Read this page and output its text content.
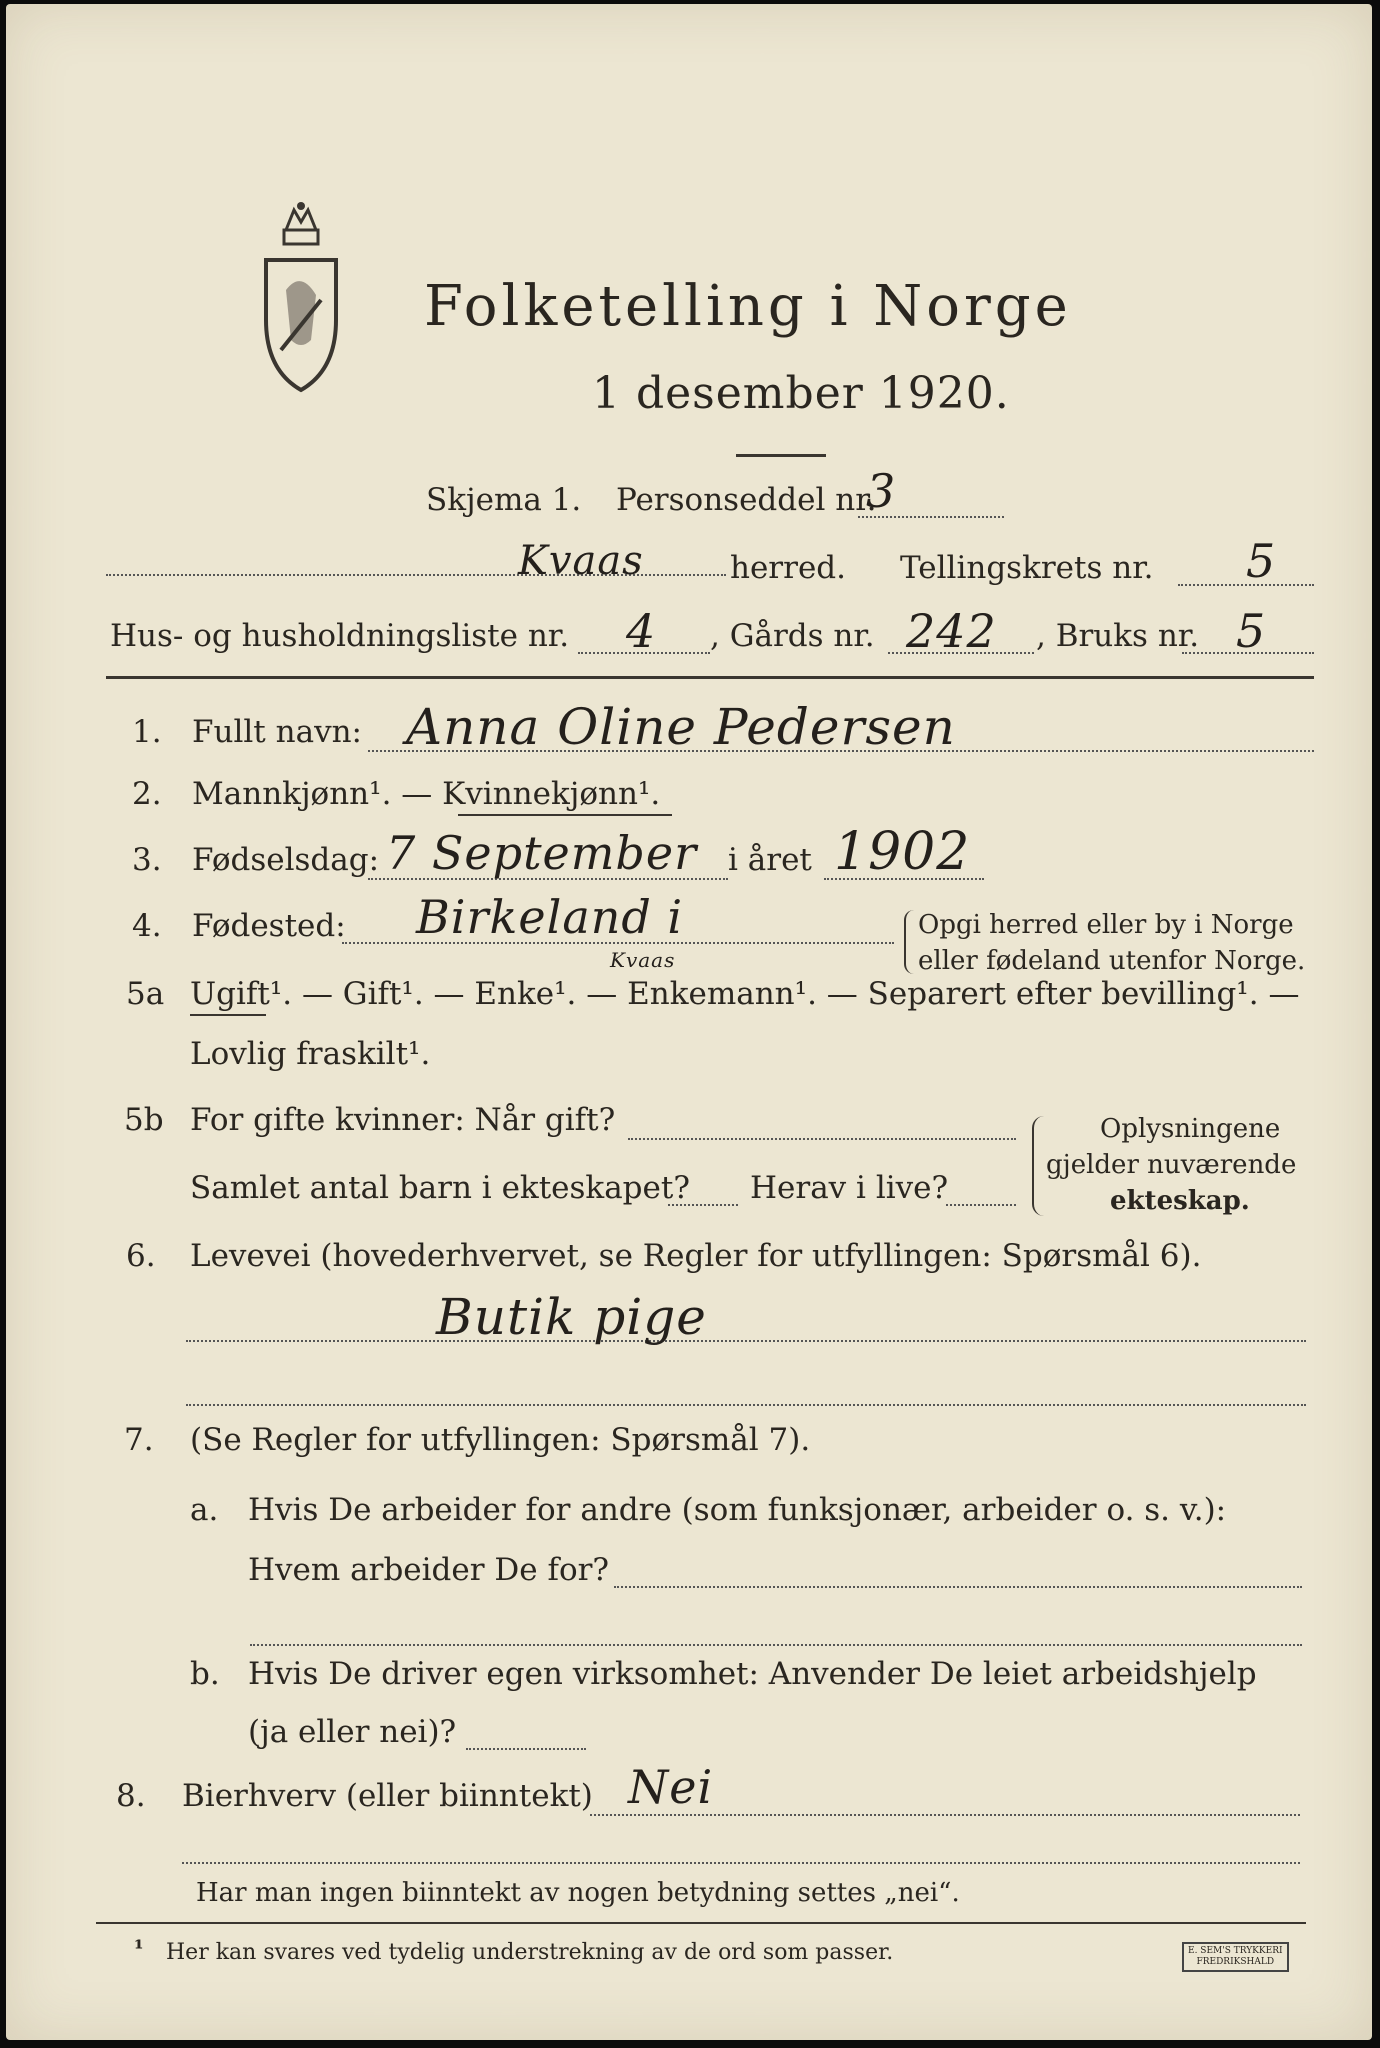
Folketelling i Norge
1 desember 1920.
Skjema 1. Personseddel nr.
3
Kvaas	herred. Tellingskrets nr. 5
Hus- og husholdningsliste nr. 4 , Gårds nr. 242 , Bruks nr. 5
1. Fullt navn: Anna Oline Pedersen
2. Mannkjønn¹. — Kvinnekjønn¹.
3. Fødselsdag: 7 September i året 1902
4. Fødested: Birkeland i
Kvaas
Opgi herred eller by i Norge
eller fødeland utenfor Norge.
5a Ugift¹. — Gift¹. — Enke¹. — Enkemann¹. — Separert efter bevilling¹. —
Lovlig fraskilt¹.
5b For gifte kvinner: Når gift?
Samlet antal barn i ekteskapet? Herav i live?
Oplysningene
gjelder nuværende
ekteskap.
6. Levevei (hovederhvervet, se Regler for utfyllingen: Spørsmål 6).
Butik pige
7. (Se Regler for utfyllingen: Spørsmål 7).
a. Hvis De arbeider for andre (som funksjonær, arbeider o. s. v.):
Hvem arbeider De for?
b. Hvis De driver egen virksomhet: Anvender De leiet arbeidshjelp
(ja eller nei)?
8. Bierhverv (eller biinntekt) Nei
Har man ingen biinntekt av nogen betydning settes „nei“.
¹ Her kan svares ved tydelig understrekning av de ord som passer.	E. SEM'S TRYKKERI
FREDRIKSHALD
